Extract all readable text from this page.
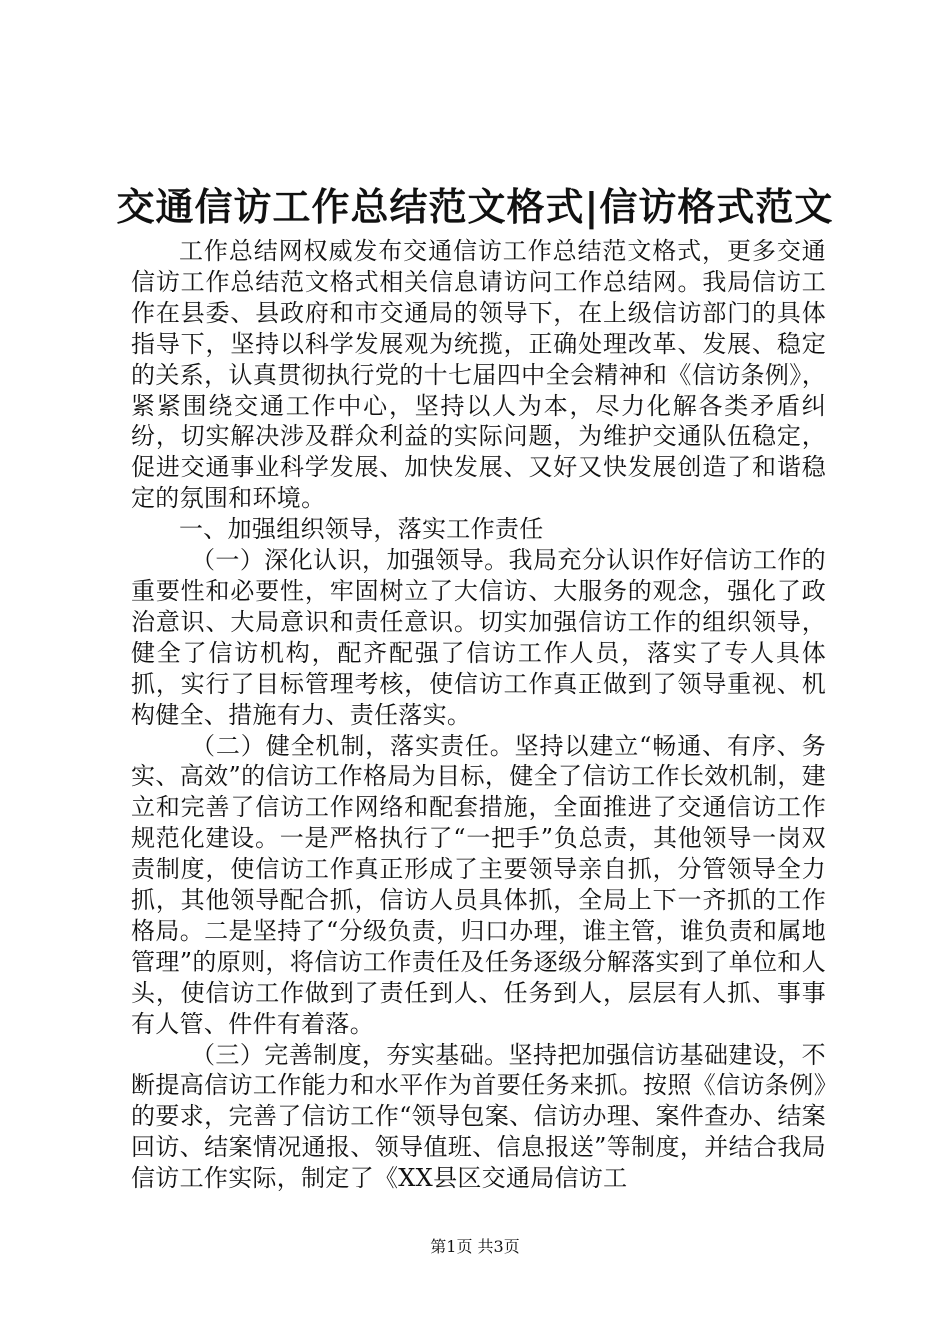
交通信访工作总结范文格式|信访格式范文

工作总结网权威发布交通信访工作总结范文格式，更多交通信访工作总结范文格式相关信息请访问工作总结网。我局信访工作在县委、县政府和市交通局的领导下，在上级信访部门的具体指导下，坚持以科学发展观为统揽，正确处理改革、发展、稳定的关系，认真贯彻执行党的十七届四中全会精神和《信访条例》，紧紧围绕交通工作中心，坚持以人为本，尽力化解各类矛盾纠纷，切实解决涉及群众利益的实际问题，为维护交通队伍稳定，促进交通事业科学发展、加快发展、又好又快发展创造了和谐稳定的氛围和环境。

一、加强组织领导，落实工作责任

（一）深化认识，加强领导。我局充分认识作好信访工作的重要性和必要性，牢固树立了大信访、大服务的观念，强化了政治意识、大局意识和责任意识。切实加强信访工作的组织领导，健全了信访机构，配齐配强了信访工作人员，落实了专人具体抓，实行了目标管理考核，使信访工作真正做到了领导重视、机构健全、措施有力、责任落实。

（二）健全机制，落实责任。坚持以建立“畅通、有序、务实、高效”的信访工作格局为目标，健全了信访工作长效机制，建立和完善了信访工作网络和配套措施，全面推进了交通信访工作规范化建设。一是严格执行了“一把手”负总责，其他领导一岗双责制度，使信访工作真正形成了主要领导亲自抓，分管领导全力抓，其他领导配合抓，信访人员具体抓，全局上下一齐抓的工作格局。二是坚持了“分级负责，归口办理，谁主管，谁负责和属地管理”的原则，将信访工作责任及任务逐级分解落实到了单位和人头，使信访工作做到了责任到人、任务到人，层层有人抓、事事有人管、件件有着落。

（三）完善制度，夯实基础。坚持把加强信访基础建设，不断提高信访工作能力和水平作为首要任务来抓。按照《信访条例》的要求，完善了信访工作“领导包案、信访办理、案件查办、结案回访、结案情况通报、领导值班、信息报送”等制度，并结合我局信访工作实际，制定了《XX县区交通局信访工

第1页 共3页
